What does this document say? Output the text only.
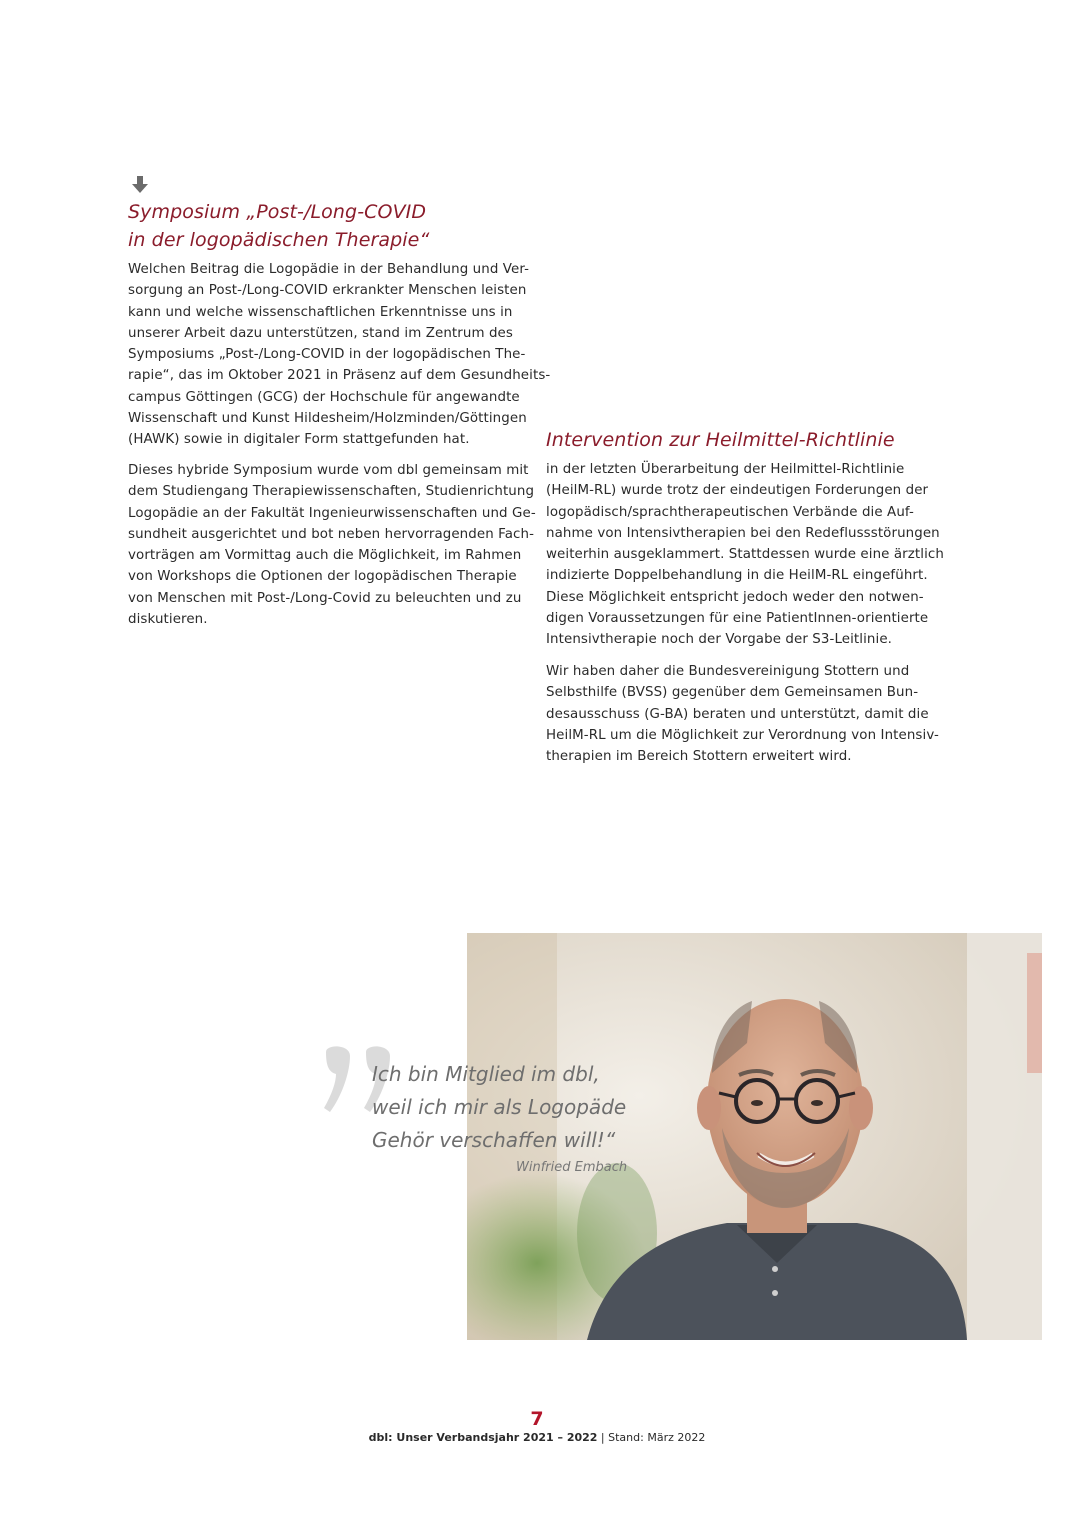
Symposium „Post-/Long-COVID
in der logopädischen Therapie“

Welchen Beitrag die Logopädie in der Behandlung und Ver-
sorgung an Post-/Long-COVID erkrankter Menschen leisten
kann und welche wissenschaftlichen Erkenntnisse uns in
unserer Arbeit dazu unterstützen, stand im Zentrum des
Symposiums „Post-/Long-COVID in der logopädischen The-
rapie“, das im Oktober 2021 in Präsenz auf dem Gesundheits-
campus Göttingen (GCG) der Hochschule für angewandte
Wissenschaft und Kunst Hildesheim/Holzminden/Göttingen
(HAWK) sowie in digitaler Form stattgefunden hat.

Dieses hybride Symposium wurde vom dbl gemeinsam mit
dem Studiengang Therapiewissenschaften, Studienrichtung
Logopädie an der Fakultät Ingenieurwissenschaften und Ge-
sundheit ausgerichtet und bot neben hervorragenden Fach-
vorträgen am Vormittag auch die Möglichkeit, im Rahmen
von Workshops die Optionen der logopädischen Therapie
von Menschen mit Post-/Long-Covid zu beleuchten und zu
diskutieren.

Intervention zur Heilmittel-Richtlinie

in der letzten Überarbeitung der Heilmittel-Richtlinie
(HeilM-RL) wurde trotz der eindeutigen Forderungen der
logopädisch/sprachtherapeutischen Verbände die Auf-
nahme von Intensivtherapien bei den Redeflussstörungen
weiterhin ausgeklammert. Stattdessen wurde eine ärztlich
indizierte Doppelbehandlung in die HeilM-RL eingeführt.
Diese Möglichkeit entspricht jedoch weder den notwen-
digen Voraussetzungen für eine PatientInnen-orientierte
Intensivtherapie noch der Vorgabe der S3-Leitlinie.

Wir haben daher die Bundesvereinigung Stottern und
Selbsthilfe (BVSS) gegenüber dem Gemeinsamen Bun-
desausschuss (G-BA) beraten und unterstützt, damit die
HeilM-RL um die Möglichkeit zur Verordnung von Intensiv-
therapien im Bereich Stottern erweitert wird.

Ich bin Mitglied im dbl,
weil ich mir als Logopäde
Gehör verschaffen will!“

Winfried Embach

7

dbl: Unser Verbandsjahr 2021 – 2022 | Stand: März 2022
